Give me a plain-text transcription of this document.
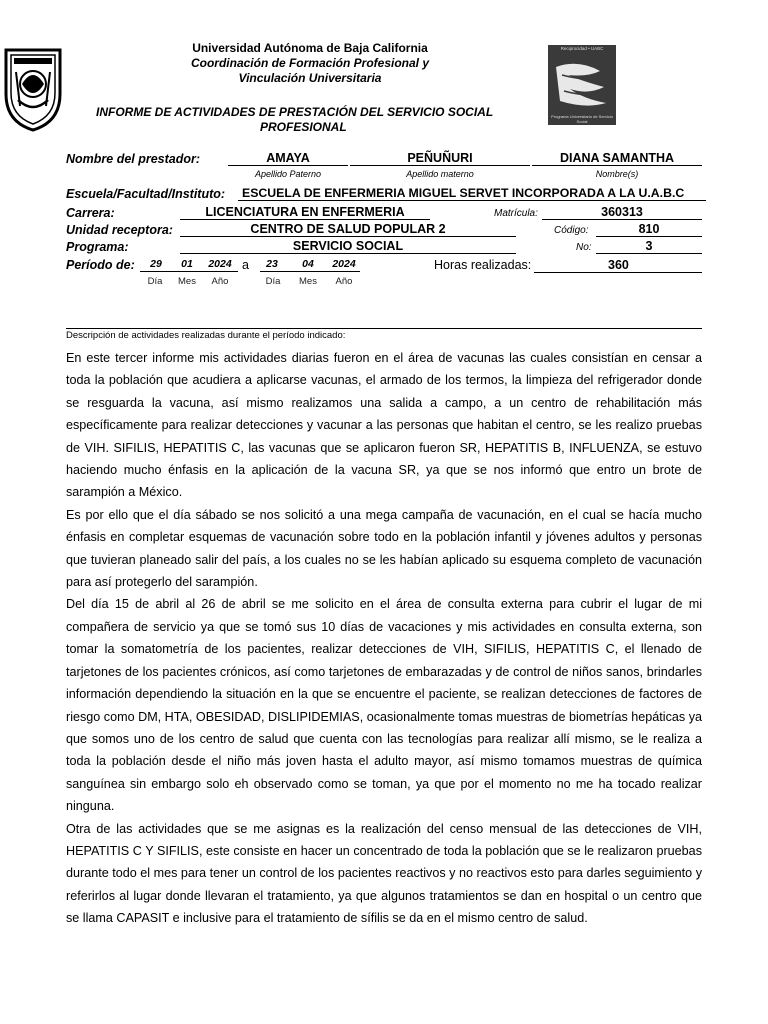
Universidad Autónoma de Baja California
Coordinación de Formación Profesional y
Vinculación Universitaria
Reciprocidad • UABC
Programa Universitario de Servicio Social
INFORME DE ACTIVIDADES DE PRESTACIÓN DEL SERVICIO SOCIAL
PROFESIONAL
Nombre del prestador:	AMAYA	PEÑUÑURI	DIANA SAMANTHA
Apellido Paterno	Apellido materno	Nombre(s)
Escuela/Facultad/Instituto:	ESCUELA DE ENFERMERIA MIGUEL SERVET INCORPORADA A LA U.A.B.C
Carrera:	LICENCIATURA EN ENFERMERIA	Matrícula:	360313
Unidad receptora:	CENTRO DE SALUD POPULAR 2	Código:	810
Programa:	SERVICIO SOCIAL	No:	3
Período de:	29	01	2024 a	23	04	2024	Horas realizadas:	360
Día	Mes	Año	Día	Mes	Año
Descripción de actividades realizadas durante el período indicado:

En este tercer informe mis actividades diarias fueron en el área de vacunas las cuales consistían en censar a toda la población que acudiera a aplicarse vacunas, el armado de los termos, la limpieza del refrigerador donde se resguarda la vacuna, así mismo realizamos una salida a campo, a un centro de rehabilitación más específicamente para realizar detecciones y vacunar a las personas que habitan el centro, se les realizo pruebas de VIH. SIFILIS, HEPATITIS C, las vacunas que se aplicaron fueron SR, HEPATITIS B, INFLUENZA, se estuvo haciendo mucho énfasis en la aplicación de la vacuna SR, ya que se nos informó que entro un brote de sarampión a México.

Es por ello que el día sábado se nos solicitó a una mega campaña de vacunación, en el cual se hacía mucho énfasis en completar esquemas de vacunación sobre todo en la población infantil y jóvenes adultos y personas que tuvieran planeado salir del país, a los cuales no se les habían aplicado su esquema completo de vacunación para así protegerlo del sarampión.

Del día 15 de abril al 26 de abril se me solicito en el área de consulta externa para cubrir el lugar de mi compañera de servicio ya que se tomó sus 10 días de vacaciones y mis actividades en consulta externa, son tomar la somatometría de los pacientes, realizar detecciones de VIH, SIFILIS, HEPATITIS C, el llenado de tarjetones de los pacientes crónicos, así como tarjetones de embarazadas y de control de niños sanos, brindarles información dependiendo la situación en la que se encuentre el paciente, se realizan detecciones de factores de riesgo como DM, HTA, OBESIDAD, DISLIPIDEMIAS, ocasionalmente tomas muestras de biometrías hepáticas ya que somos uno de los centro de salud que cuenta con las tecnologías para realizar allí mismo, se le realiza a toda la población desde el niño más joven hasta el adulto mayor, así mismo tomamos muestras de química sanguínea sin embargo solo eh observado como se toman, ya que por el momento no me ha tocado realizar ninguna.

Otra de las actividades que se me asignas es la realización del censo mensual de las detecciones de VIH, HEPATITIS C Y SIFILIS, este consiste en hacer un concentrado de toda la población que se le realizaron pruebas durante todo el mes para tener un control de los pacientes reactivos y no reactivos esto para darles seguimiento y referirlos al lugar donde llevaran el tratamiento, ya que algunos tratamientos se dan en hospital o un centro que se llama CAPASIT e inclusive para el tratamiento de sífilis se da en el mismo centro de salud.
